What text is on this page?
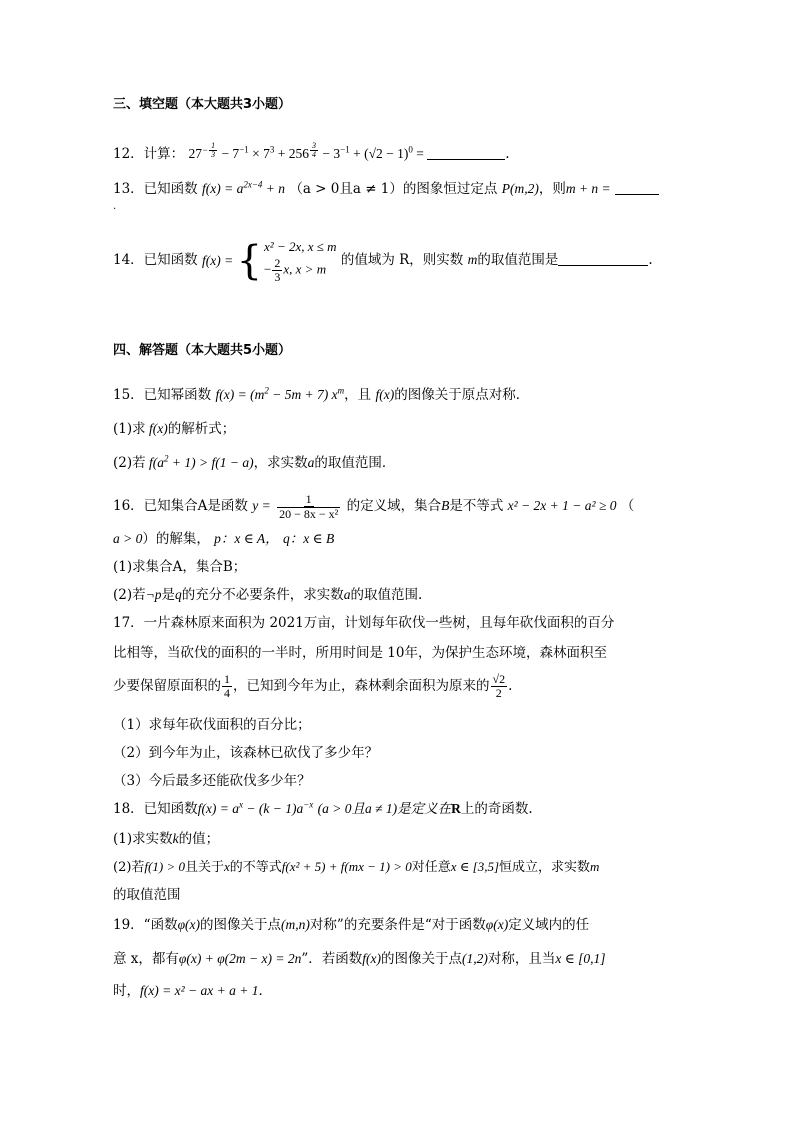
三、填空题（本大题共3小题）
12．计算： $27^{- \frac{1}{3}} - 7^{-1} \times 7^3 + 256$ $^{\frac{3}{4}} - 3^{-1} + (√2 - 1)^0$ =	.
13．已知函数 $f(x) = a^{2x-4} + n$ （a > 0且a ≠ 1）的图象恒过定点 P(m,2)，则m + n =
.
14．已知函数 f(x) = { x² − 2x, x ≤ m
− $\frac{2}{3} x$, x > m
的值域为 R，则实数 m的取值范围是	.
四、解答题（本大题共5小题）
15．已知幂函数 $f(x) = (m^2 - 5m + 7)$ $x^m$，且 f(x)的图像关于原点对称．
(1)求 f(x)的解析式；
(2)若 $f(a^2 + 1) > f(1 - a)$，求实数a的取值范围．
16．已知集合A是函数 $y = \frac{1}{\text{20 − 8x − x²}}$ 的定义域，集合B是不等式 x² − 2x + 1 − a² ≥ 0 （
a > 0）的解集， p：x ∈ A， q：x ∈ B
(1)求集合A，集合B；
(2)若¬p是q的充分不必要条件，求实数a的取值范围.
17．一片森林原来面积为 2021万亩，计划每年砍伐一些树，且每年砍伐面积的百分
比相等，当砍伐的面积的一半时，所用时间是 10年，为保护生态环境，森林面积至
少要保留原面积的 $\frac{1}{4}$ ，已知到今年为止，森林剩余面积为原来的 $\frac{√2}{2}$ .
（1）求每年砍伐面积的百分比；
（2）到今年为止，该森林已砍伐了多少年？
（3）今后最多还能砍伐多少年？
18．已知函数$f(x) = a^x - (k - 1)a^{-x}$ (a > 0且a ≠ 1)是定义在R上的奇函数.
(1)求实数k的值；
(2)若f(1) > 0且关于x的不等式f(x² + 5) + f(mx − 1) > 0对任意x ∈ [3,5]恒成立，求实数m
的取值范围
19．“函数φ(x)的图像关于点(m,n)对称”的充要条件是“对于函数φ(x)定义域内的任
意 x，都有φ(x) + φ(2m − x) = 2n”．若函数f(x)的图像关于点(1,2)对称，且当x ∈ [0,1]
时，f(x) = x² − ax + a + 1．
